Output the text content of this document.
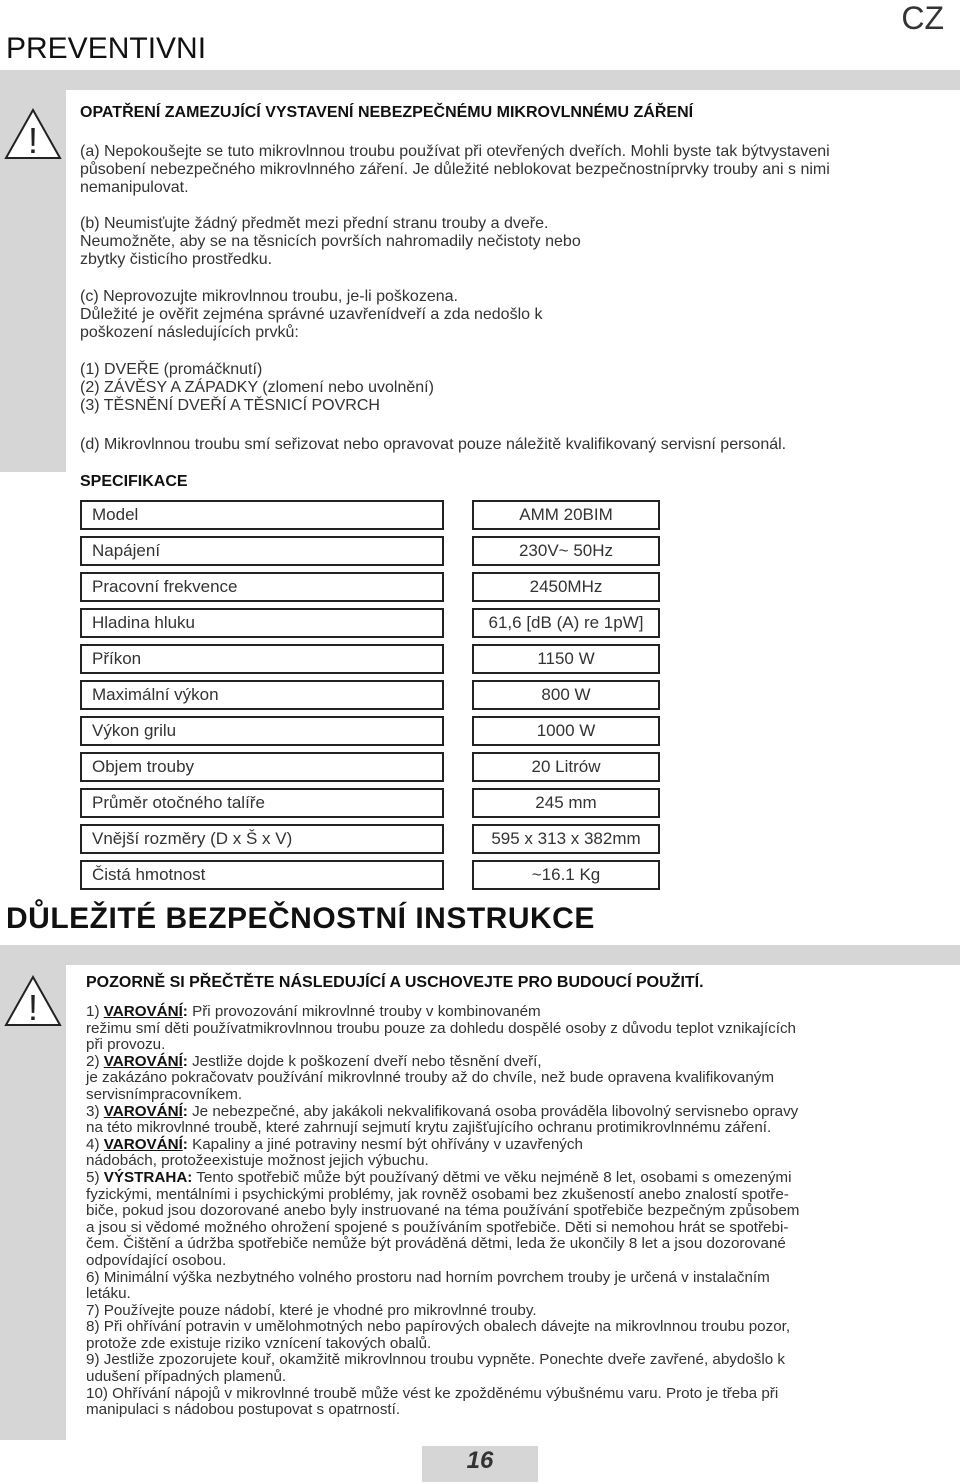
CZ
PREVENTIVNI
!
OPATŘENÍ ZAMEZUJÍCÍ VYSTAVENÍ NEBEZPEČNÉMU MIKROVLNNÉMU ZÁŘENÍ

(a) Nepokoušejte se tuto mikrovlnnou troubu používat při otevřených dveřích. Mohli byste tak býtvystaveni

působení nebezpečného mikrovlnného záření. Je důležité neblokovat bezpečnostníprvky trouby ani s nimi

nemanipulovat.

(b) Neumisťujte žádný předmět mezi přední stranu trouby a dveře.

Neumožněte, aby se na těsnicích površích nahromadily nečistoty nebo

zbytky čisticího prostředku.

(c) Neprovozujte mikrovlnnou troubu, je-li poškozena.

Důležité je ověřit zejména správné uzavřenídveří a zda nedošlo k

poškození následujících prvků:

(1) DVEŘE (promáčknutí)

(2) ZÁVĚSY A ZÁPADKY (zlomení nebo uvolnění)

(3) TĚSNĚNÍ DVEŘÍ A TĚSNICÍ POVRCH

(d) Mikrovlnnou troubu smí seřizovat nebo opravovat pouze náležitě kvalifikovaný servisní personál.
SPECIFIKACE
Model		AMM 20BIM
Napájení		230V~ 50Hz
Pracovní frekvence		2450MHz
Hladina hluku		61,6 [dB (A) re 1pW]
Příkon		1150 W
Maximální výkon		800 W
Výkon grilu		1000 W
Objem trouby		20 Litrów
Průměr otočného talíře		245 mm
Vnější rozměry (D x Š x V)		595 x 313 x 382mm
Čistá hmotnost		~16.1 Kg
DŮLEŽITÉ BEZPEČNOSTNÍ INSTRUKCE
!
POZORNĚ SI PŘEČTĚTE NÁSLEDUJÍCÍ A USCHOVEJTE PRO BUDOUCÍ POUŽITÍ.

1) VAROVÁNÍ: Při provozování mikrovlnné trouby v kombinovaném

režimu smí děti používatmikrovlnnou troubu pouze za dohledu dospělé osoby z důvodu teplot vznikajících

při provozu.

2) VAROVÁNÍ: Jestliže dojde k poškození dveří nebo těsnění dveří,

je zakázáno pokračovatv používání mikrovlnné trouby až do chvíle, než bude opravena kvalifikovaným

servisnímpracovníkem.

3) VAROVÁNÍ: Je nebezpečné, aby jakákoli nekvalifikovaná osoba prováděla libovolný servisnebo opravy

na této mikrovlnné troubě, které zahrnují sejmutí krytu zajišťujícího ochranu protimikrovlnnému záření.

4) VAROVÁNÍ: Kapaliny a jiné potraviny nesmí být ohřívány v uzavřených

nádobách, protožeexistuje možnost jejich výbuchu.

5) VÝSTRAHA: Tento spotřebič může být používaný dětmi ve věku nejméně 8 let, osobami s omezenými

fyzickými, mentálními i psychickými problémy, jak rovněž osobami bez zkušeností anebo znalostí spotře-

biče, pokud jsou dozorované anebo byly instruované na téma používání spotřebiče bezpečným způsobem

a jsou si vědomé možného ohrožení spojené s používáním spotřebiče. Děti si nemohou hrát se spotřebi-

čem. Čištění a údržba spotřebiče nemůže být prováděná dětmi, leda že ukončily 8 let a jsou dozorované

odpovídající osobou.

6) Minimální výška nezbytného volného prostoru nad horním povrchem trouby je určená v instalačním

letáku.

7) Používejte pouze nádobí, které je vhodné pro mikrovlnné trouby.

8) Při ohřívání potravin v umělohmotných nebo papírových obalech dávejte na mikrovlnnou troubu pozor,

protože zde existuje riziko vznícení takových obalů.

9) Jestliže zpozorujete kouř, okamžitě mikrovlnnou troubu vypněte. Ponechte dveře zavřené, abydošlo k

udušení případných plamenů.

10) Ohřívání nápojů v mikrovlnné troubě může vést ke zpožděnému výbušnému varu. Proto je třeba při

manipulaci s nádobou postupovat s opatrností.

16
